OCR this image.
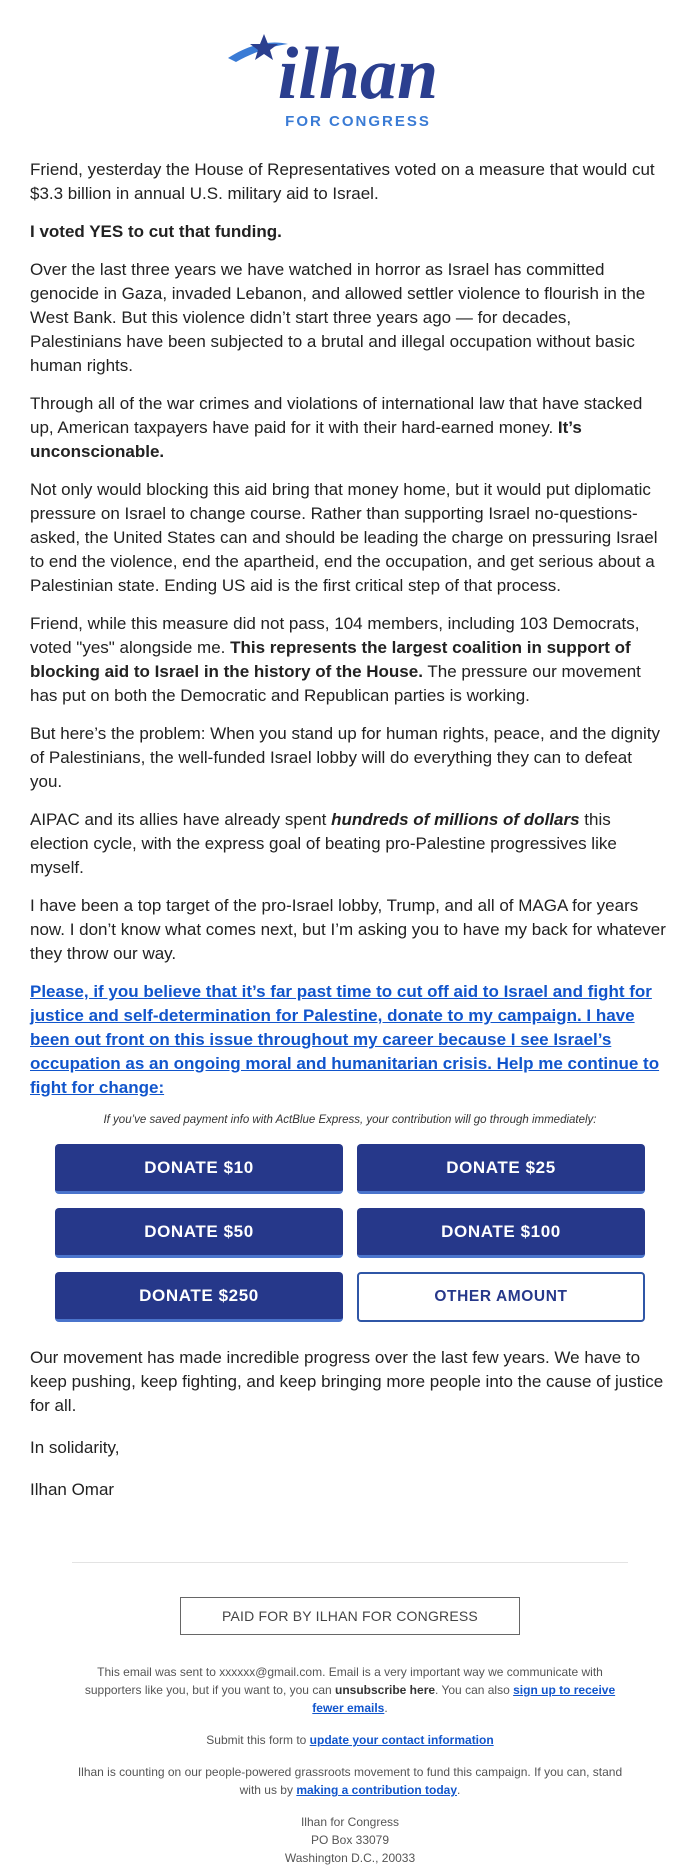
ilhan
FOR CONGRESS

Friend, yesterday the House of Representatives voted on a measure that would cut $3.3 billion in annual U.S. military aid to Israel.

I voted YES to cut that funding.

Over the last three years we have watched in horror as Israel has committed genocide in Gaza, invaded Lebanon, and allowed settler violence to flourish in the West Bank. But this violence didn’t start three years ago — for decades, Palestinians have been subjected to a brutal and illegal occupation without basic human rights.

Through all of the war crimes and violations of international law that have stacked up, American taxpayers have paid for it with their hard-earned money. It’s unconscionable.

Not only would blocking this aid bring that money home, but it would put diplomatic pressure on Israel to change course. Rather than supporting Israel no-questions-asked, the United States can and should be leading the charge on pressuring Israel to end the violence, end the apartheid, end the occupation, and get serious about a Palestinian state. Ending US aid is the first critical step of that process.

Friend, while this measure did not pass, 104 members, including 103 Democrats, voted "yes" alongside me. This represents the largest coalition in support of blocking aid to Israel in the history of the House. The pressure our movement has put on both the Democratic and Republican parties is working.

But here’s the problem: When you stand up for human rights, peace, and the dignity of Palestinians, the well-funded Israel lobby will do everything they can to defeat you.

AIPAC and its allies have already spent hundreds of millions of dollars this election cycle, with the express goal of beating pro-Palestine progressives like myself.

I have been a top target of the pro-Israel lobby, Trump, and all of MAGA for years now. I don’t know what comes next, but I’m asking you to have my back for whatever they throw our way.

Please, if you believe that it’s far past time to cut off aid to Israel and fight for justice and self-determination for Palestine, donate to my campaign. I have been out front on this issue throughout my career because I see Israel’s occupation as an ongoing moral and humanitarian crisis. Help me continue to fight for change:

If you’ve saved payment info with ActBlue Express, your contribution will go through immediately:
DONATE $10	DONATE $25
DONATE $50	DONATE $100
DONATE $250	OTHER AMOUNT

Our movement has made incredible progress over the last few years. We have to keep pushing, keep fighting, and keep bringing more people into the cause of justice for all.

In solidarity,

Ilhan Omar

PAID FOR BY ILHAN FOR CONGRESS
This email was sent to xxxxxx@gmail.com. Email is a very important way we communicate with supporters like you, but if you want to, you can unsubscribe here. You can also sign up to receive fewer emails.
Submit this form to update your contact information
Ilhan is counting on our people-powered grassroots movement to fund this campaign. If you can, stand with us by making a contribution today.
Ilhan for Congress
PO Box 33079
Washington D.C., 20033
